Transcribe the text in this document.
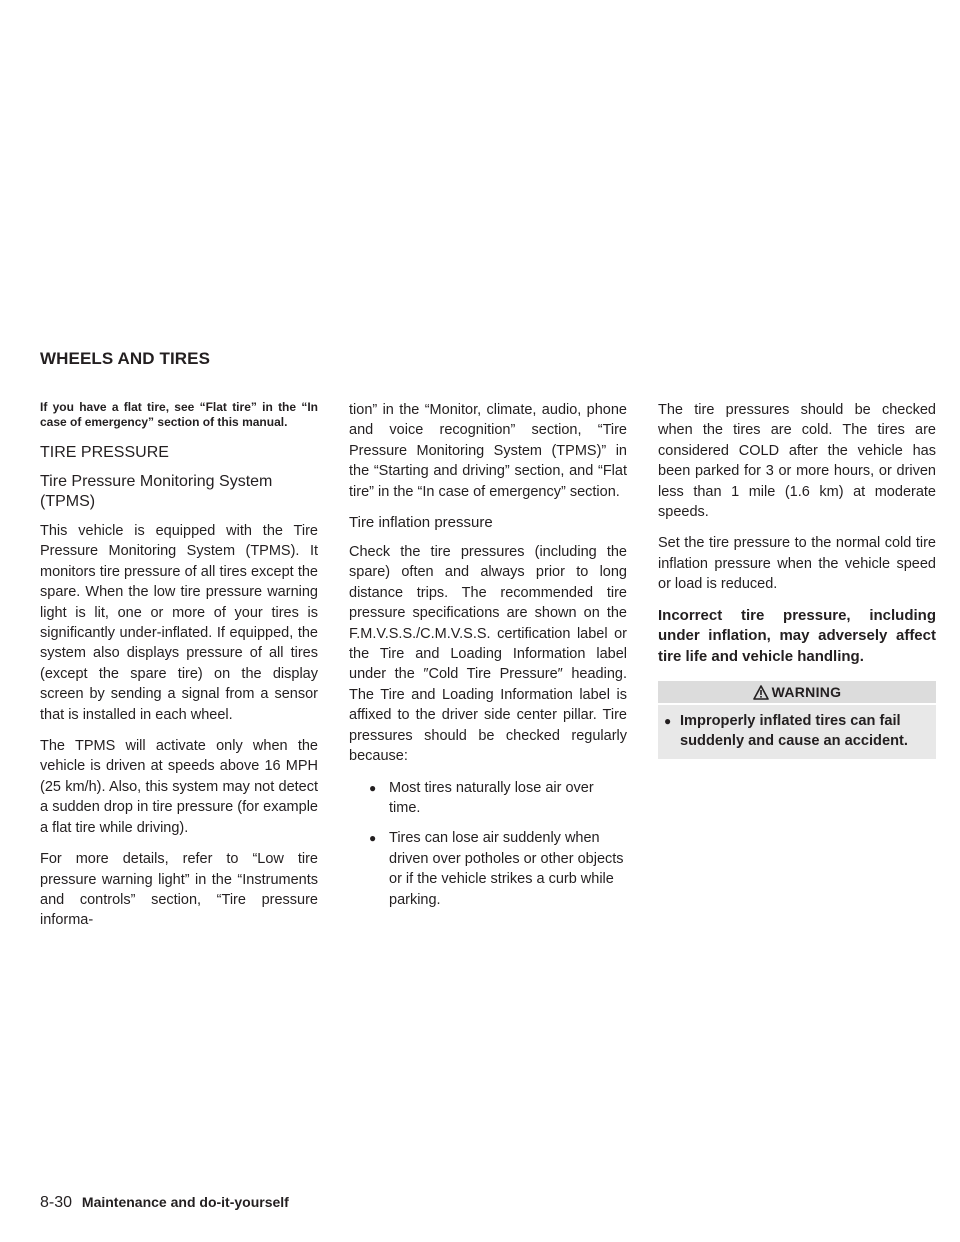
WHEELS AND TIRES

If you have a flat tire, see “Flat tire” in the “In case of emergency” section of this manual.

TIRE PRESSURE
Tire Pressure Monitoring System (TPMS)

This vehicle is equipped with the Tire Pressure Monitoring System (TPMS). It monitors tire pressure of all tires except the spare. When the low tire pressure warning light is lit, one or more of your tires is significantly under-inflated. If equipped, the system also displays pressure of all tires (except the spare tire) on the display screen by sending a signal from a sensor that is installed in each wheel.

The TPMS will activate only when the vehicle is driven at speeds above 16 MPH (25 km/h). Also, this system may not detect a sudden drop in tire pressure (for example a flat tire while driving).

For more details, refer to “Low tire pressure warning light” in the “Instruments and controls” section, “Tire pressure informa-

tion” in the “Monitor, climate, audio, phone and voice recognition” section, “Tire Pressure Monitoring System (TPMS)” in the “Starting and driving” section, and “Flat tire” in the “In case of emergency” section.

Tire inflation pressure

Check the tire pressures (including the spare) often and always prior to long distance trips. The recommended tire pressure specifications are shown on the F.M.V.S.S./C.M.V.S.S. certification label or the Tire and Loading Information label under the ″Cold Tire Pressure″ heading. The Tire and Loading Information label is affixed to the driver side center pillar. Tire pressures should be checked regularly because:

● Most tires naturally lose air over time.
● Tires can lose air suddenly when driven over potholes or other objects or if the vehicle strikes a curb while parking.

The tire pressures should be checked when the tires are cold. The tires are considered COLD after the vehicle has been parked for 3 or more hours, or driven less than 1 mile (1.6 km) at moderate speeds.

Set the tire pressure to the normal cold tire inflation pressure when the vehicle speed or load is reduced.

Incorrect tire pressure, including under inflation, may adversely affect tire life and vehicle handling.

WARNING
● Improperly inflated tires can fail suddenly and cause an accident.
8-30 Maintenance and do-it-yourself
